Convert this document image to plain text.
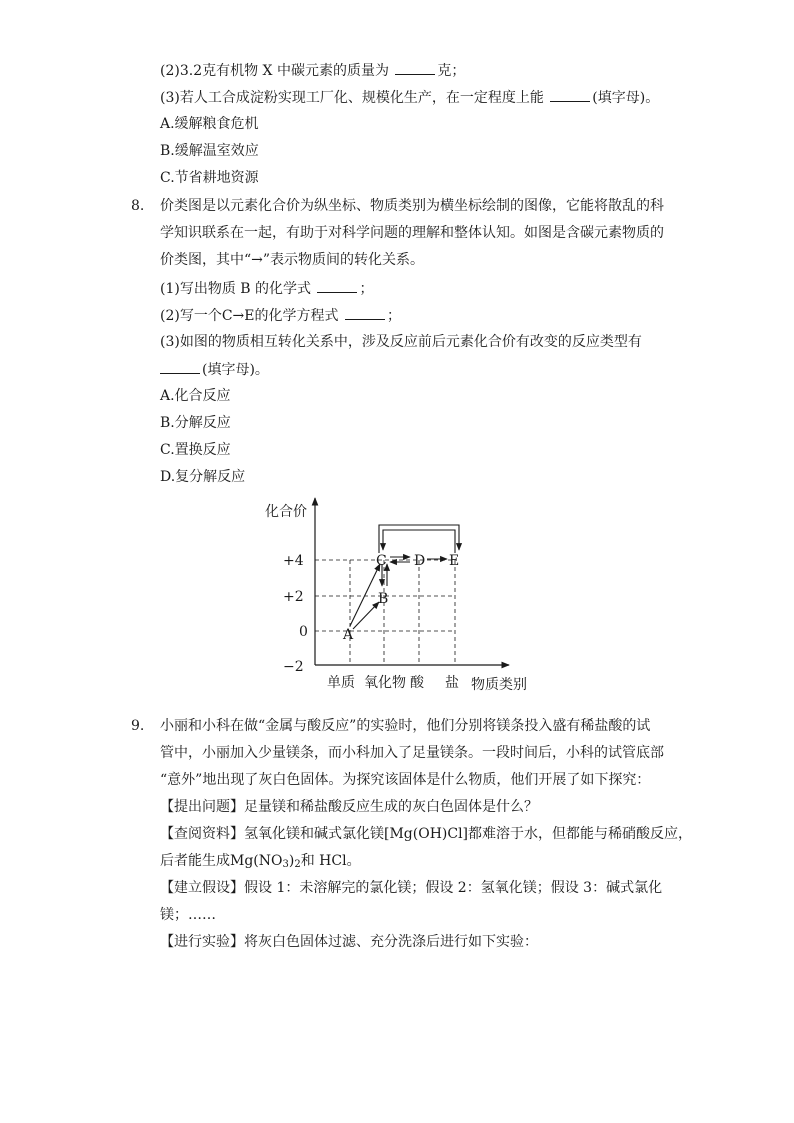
(2)3.2克有机物 X 中碳元素的质量为	克；
(3)若人工合成淀粉实现工厂化、规模化生产，在一定程度上能	(填字母)。
A.缓解粮食危机
B.缓解温室效应
C.节省耕地资源
8. 价类图是以元素化合价为纵坐标、物质类别为横坐标绘制的图像，它能将散乱的科
学知识联系在一起，有助于对科学问题的理解和整体认知。如图是含碳元素物质的
价类图，其中“→”表示物质间的转化关系。
(1)写出物质 B 的化学式	；
(2)写一个C→E的化学方程式	；
(3)如图的物质相互转化关系中，涉及反应前后元素化合价有改变的反应类型有
(填字母)。
A.化合反应
B.分解反应
C.置换反应
D.复分解反应
化合价
+4
+2
0
−2
单质 氧化物 酸 盐 物质类别
A
B
C D E
9. 小丽和小科在做“金属与酸反应”的实验时，他们分别将镁条投入盛有稀盐酸的试
管中，小丽加入少量镁条，而小科加入了足量镁条。一段时间后，小科的试管底部
“意外”地出现了灰白色固体。为探究该固体是什么物质，他们开展了如下探究：
【提出问题】足量镁和稀盐酸反应生成的灰白色固体是什么？
【查阅资料】氢氧化镁和碱式氯化镁[Mg(OH)Cl]都难溶于水，但都能与稀硝酸反应，
后者能生成$Mg(NO_3)_2$和 HCl。
【建立假设】假设 1：未溶解完的氯化镁；假设 2：氢氧化镁；假设 3：碱式氯化
镁；……
【进行实验】将灰白色固体过滤、充分洗涤后进行如下实验：
